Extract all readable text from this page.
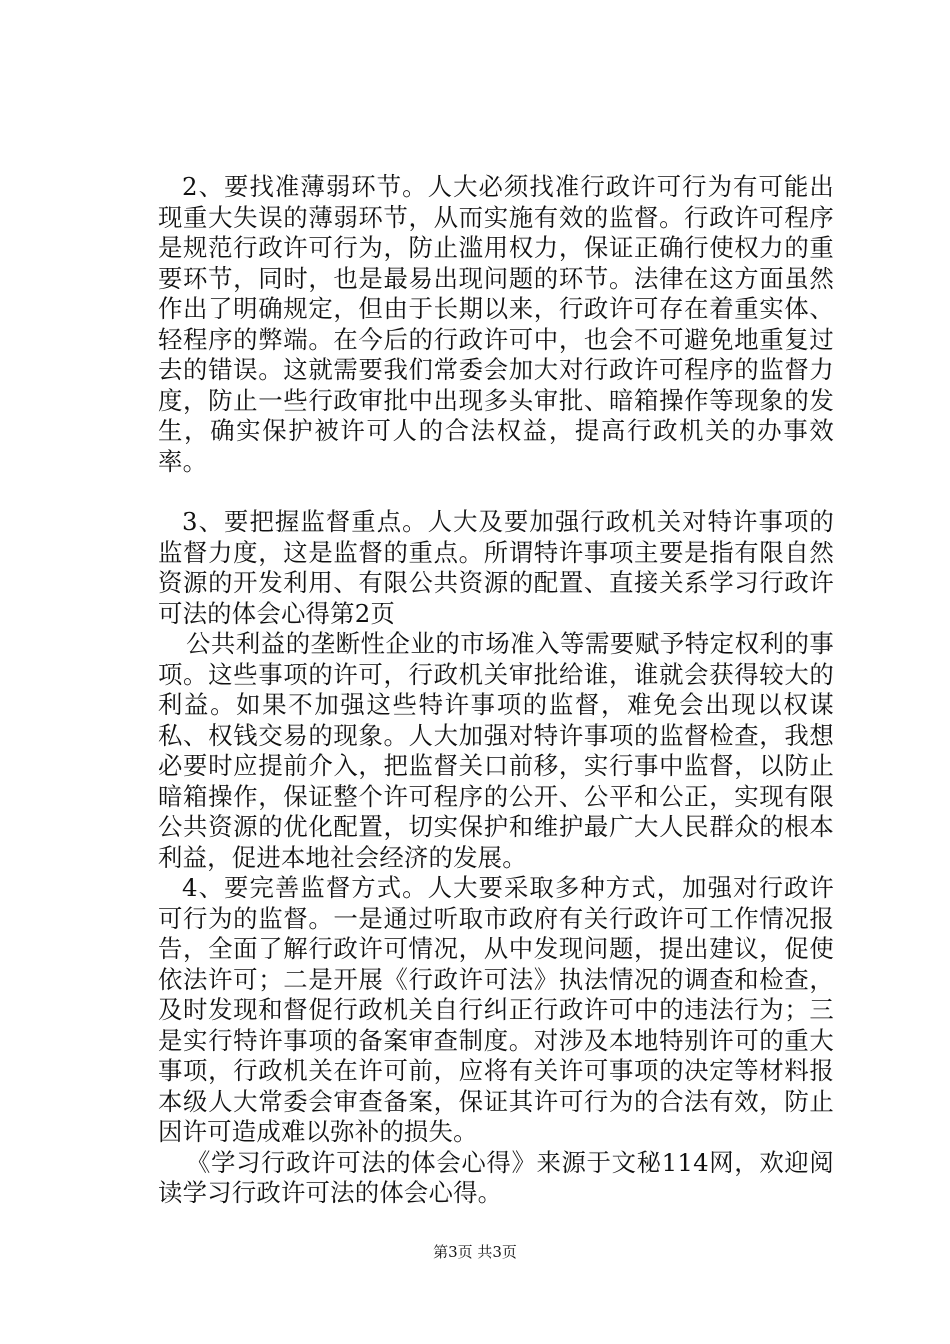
2、要找准薄弱环节。人大必须找准行政许可行为有可能出现重大失误的薄弱环节，从而实施有效的监督。行政许可程序是规范行政许可行为，防止滥用权力，保证正确行使权力的重要环节，同时，也是最易出现问题的环节。法律在这方面虽然作出了明确规定，但由于长期以来，行政许可存在着重实体、轻程序的弊端。在今后的行政许可中，也会不可避免地重复过去的错误。这就需要我们常委会加大对行政许可程序的监督力度，防止一些行政审批中出现多头审批、暗箱操作等现象的发生，确实保护被许可人的合法权益，提高行政机关的办事效率。

3、要把握监督重点。人大及要加强行政机关对特许事项的监督力度，这是监督的重点。所谓特许事项主要是指有限自然资源的开发利用、有限公共资源的配置、直接关系学习行政许可法的体会心得第2页

公共利益的垄断性企业的市场准入等需要赋予特定权利的事项。这些事项的许可，行政机关审批给谁，谁就会获得较大的利益。如果不加强这些特许事项的监督，难免会出现以权谋私、权钱交易的现象。人大加强对特许事项的监督检查，我想必要时应提前介入，把监督关口前移，实行事中监督，以防止暗箱操作，保证整个许可程序的公开、公平和公正，实现有限公共资源的优化配置，切实保护和维护最广大人民群众的根本利益，促进本地社会经济的发展。

4、要完善监督方式。人大要采取多种方式，加强对行政许可行为的监督。一是通过听取市政府有关行政许可工作情况报告，全面了解行政许可情况，从中发现问题，提出建议，促使依法许可；二是开展《行政许可法》执法情况的调查和检查，及时发现和督促行政机关自行纠正行政许可中的违法行为；三是实行特许事项的备案审查制度。对涉及本地特别许可的重大事项，行政机关在许可前，应将有关许可事项的决定等材料报本级人大常委会审查备案，保证其许可行为的合法有效，防止因许可造成难以弥补的损失。

《学习行政许可法的体会心得》来源于文秘114网，欢迎阅读学习行政许可法的体会心得。

第3页 共3页
